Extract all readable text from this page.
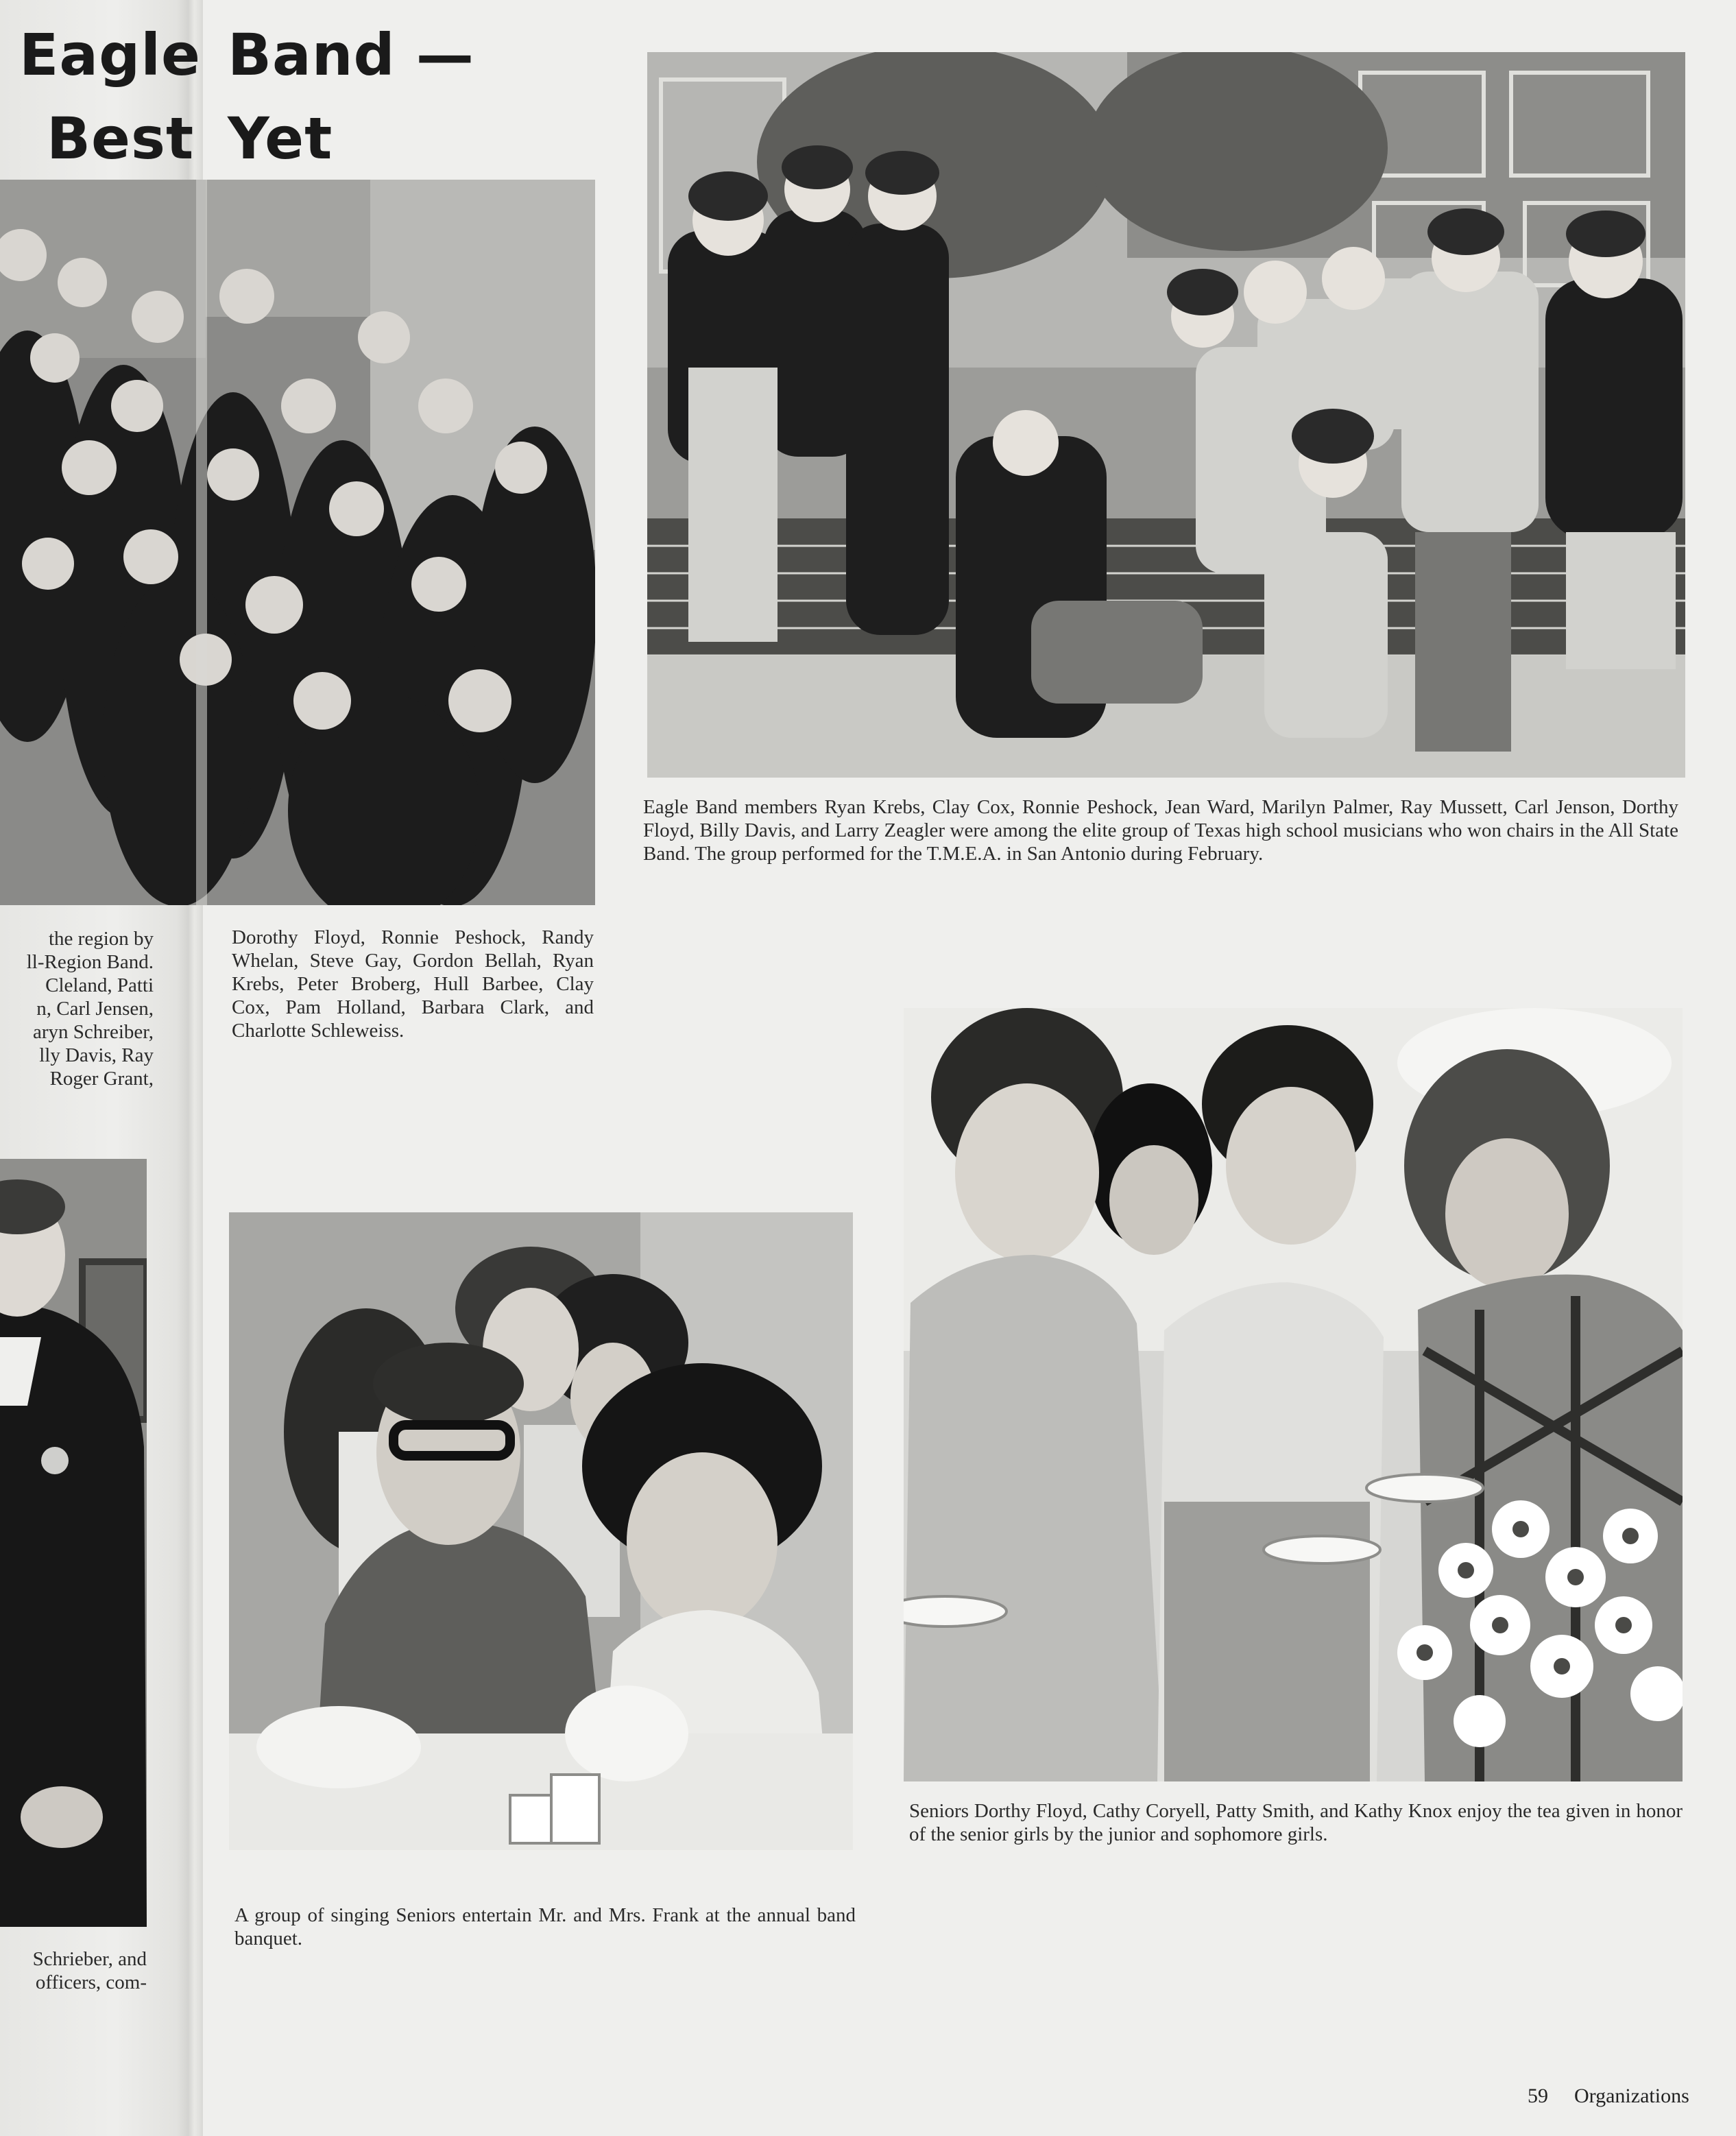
Eagle
Best
Band —
Yet
the region by
ll-Region Band.
Cleland, Patti
n, Carl Jensen,
aryn Schreiber,
lly Davis, Ray
Roger Grant,
Dorothy Floyd, Ronnie Peshock, Randy Whelan, Steve Gay, Gordon Bellah, Ryan Krebs, Peter Broberg, Hull Barbee, Clay Cox, Pam Holland, Barbara Clark, and Charlotte Schleweiss.
Eagle Band members Ryan Krebs, Clay Cox, Ronnie Peshock, Jean Ward, Marilyn Palmer, Ray Mussett, Carl Jenson, Dorthy Floyd, Billy Davis, and Larry Zeagler were among the elite group of Texas high school musicians who won chairs in the All State Band. The group performed for the T.M.E.A. in San Antonio during February.
Schrieber, and
officers, com-
A group of singing Seniors entertain Mr. and Mrs. Frank at the annual band banquet.
Seniors Dorthy Floyd, Cathy Coryell, Patty Smith, and Kathy Knox enjoy the tea given in honor of the senior girls by the junior and sophomore girls.
59 Organizations
